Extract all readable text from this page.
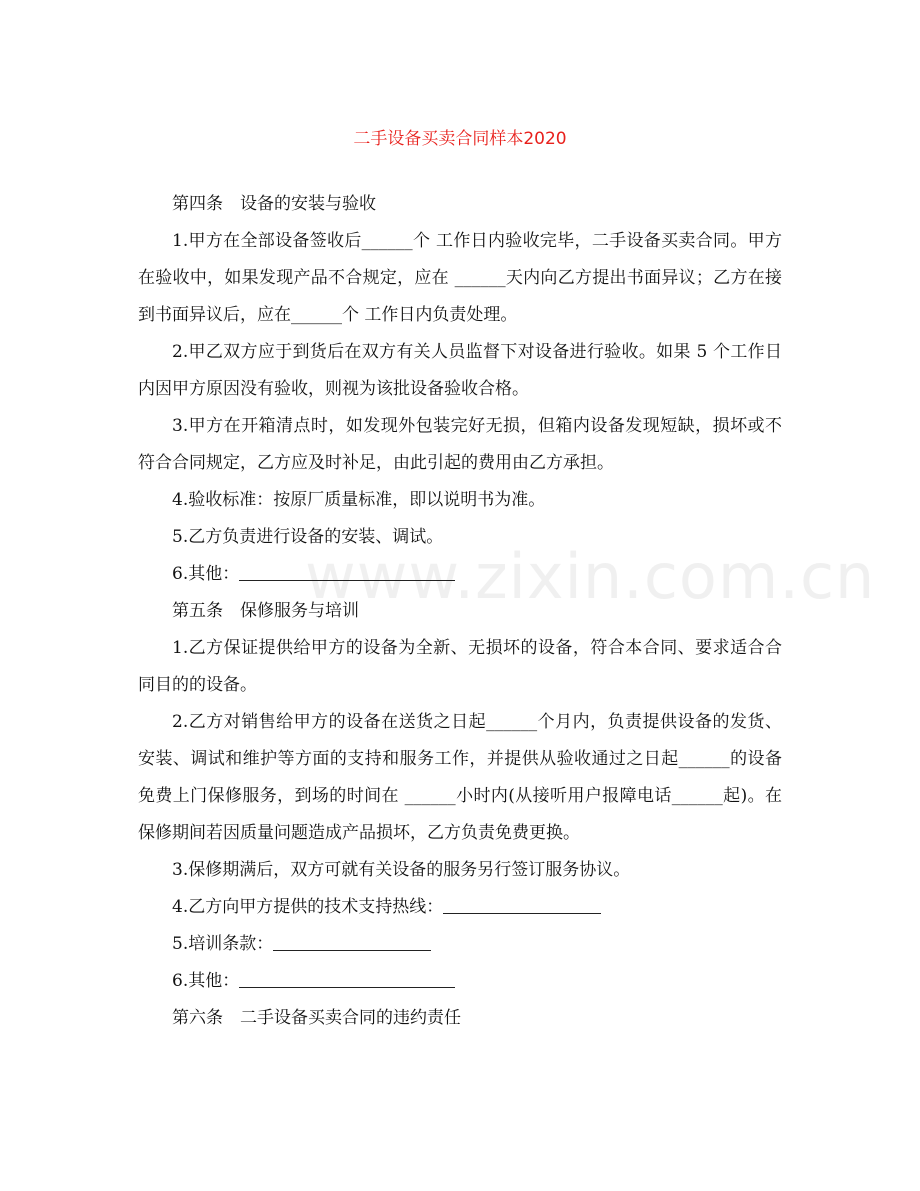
www.zixin.com.cn
二手设备买卖合同样本2020

第四条　设备的安装与验收

1.甲方在全部设备签收后______个 工作日内验收完毕，二手设备买卖合同。甲方在验收中，如果发现产品不合规定，应在 ______天内向乙方提出书面异议；乙方在接到书面异议后，应在______个 工作日内负责处理。

2.甲乙双方应于到货后在双方有关人员监督下对设备进行验收。如果 5 个工作日内因甲方原因没有验收，则视为该批设备验收合格。

3.甲方在开箱清点时，如发现外包装完好无损，但箱内设备发现短缺，损坏或不符合合同规定，乙方应及时补足，由此引起的费用由乙方承担。

4.验收标准：按原厂质量标准，即以说明书为准。

5.乙方负责进行设备的安装、调试。

6.其他：

第五条　保修服务与培训

1.乙方保证提供给甲方的设备为全新、无损坏的设备，符合本合同、要求适合合同目的的设备。

2.乙方对销售给甲方的设备在送货之日起______个月内，负责提供设备的发货、安装、调试和维护等方面的支持和服务工作，并提供从验收通过之日起______的设备免费上门保修服务，到场的时间在 ______小时内(从接听用户报障电话______起)。在保修期间若因质量问题造成产品损坏，乙方负责免费更换。

3.保修期满后，双方可就有关设备的服务另行签订服务协议。

4.乙方向甲方提供的技术支持热线：

5.培训条款：

6.其他：

第六条　二手设备买卖合同的违约责任
